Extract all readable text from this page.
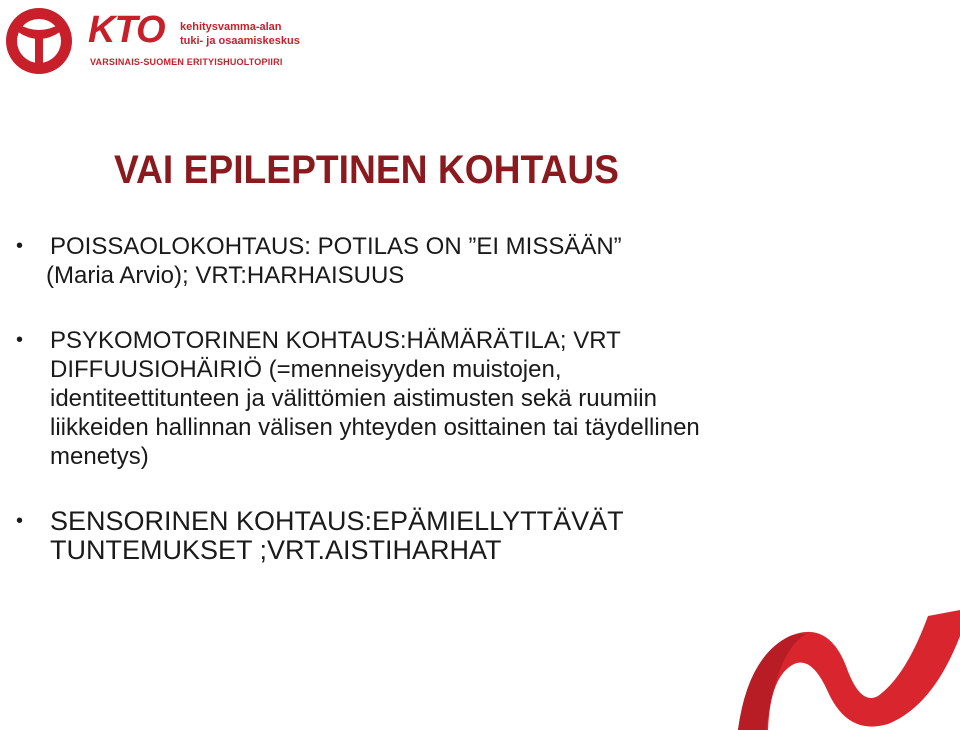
KTO kehitysvamma-alan
tuki- ja osaamiskeskus
VARSINAIS-SUOMEN ERITYISHUOLTOPIIRI
VAI EPILEPTINEN KOHTAUS
• POISSAOLOKOHTAUS: POTILAS ON ”EI MISSÄÄN”
(Maria Arvio); VRT:HARHAISUUS
• PSYKOMOTORINEN KOHTAUS:HÄMÄRÄTILA; VRT
DIFFUUSIOHÄIRIÖ (=menneisyyden muistojen,
identiteettitunteen ja välittömien aistimusten sekä ruumiin
liikkeiden hallinnan välisen yhteyden osittainen tai täydellinen
menetys)
• SENSORINEN KOHTAUS:EPÄMIELLYTTÄVÄT
TUNTEMUKSET ;VRT.AISTIHARHAT
